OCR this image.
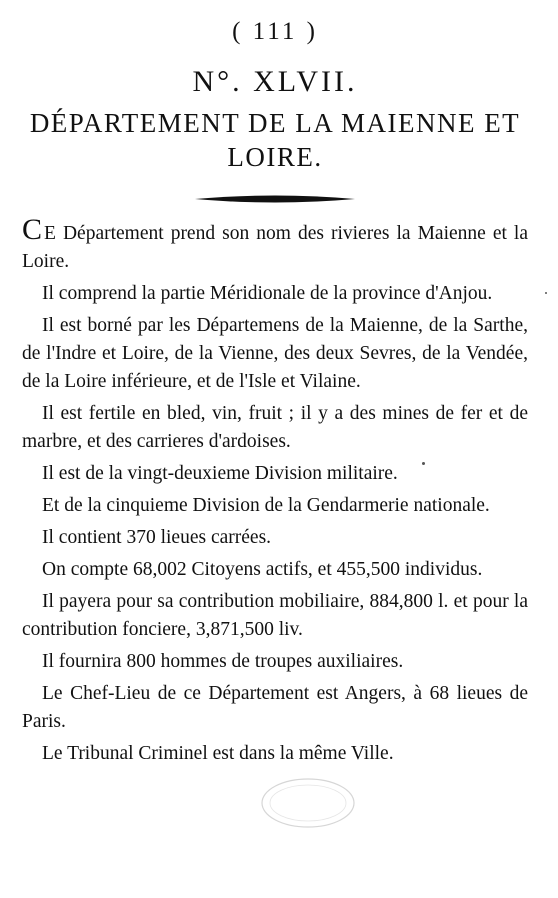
( 111 )
N°. XLVII.
DÉPARTEMENT DE LA MAIENNE ET LOIRE.

CE Département prend son nom des rivieres la Maienne et la Loire.

Il comprend la partie Méridionale de la province d'Anjou.

Il est borné par les Départemens de la Maienne, de la Sarthe, de l'Indre et Loire, de la Vienne, des deux Sevres, de la Vendée, de la Loire inférieure, et de l'Isle et Vilaine.

Il est fertile en bled, vin, fruit ; il y a des mines de fer et de marbre, et des carrieres d'ardoises.

Il est de la vingt-deuxieme Division militaire.

Et de la cinquieme Division de la Gendarmerie nationale.

Il contient 370 lieues carrées.

On compte 68,002 Citoyens actifs, et 455,500 individus.

Il payera pour sa contribution mobiliaire, 884,800 l. et pour la contribution fonciere, 3,871,500 liv.

Il fournira 800 hommes de troupes auxiliaires.

Le Chef-Lieu de ce Département est Angers, à 68 lieues de Paris.

Le Tribunal Criminel est dans la même Ville.
